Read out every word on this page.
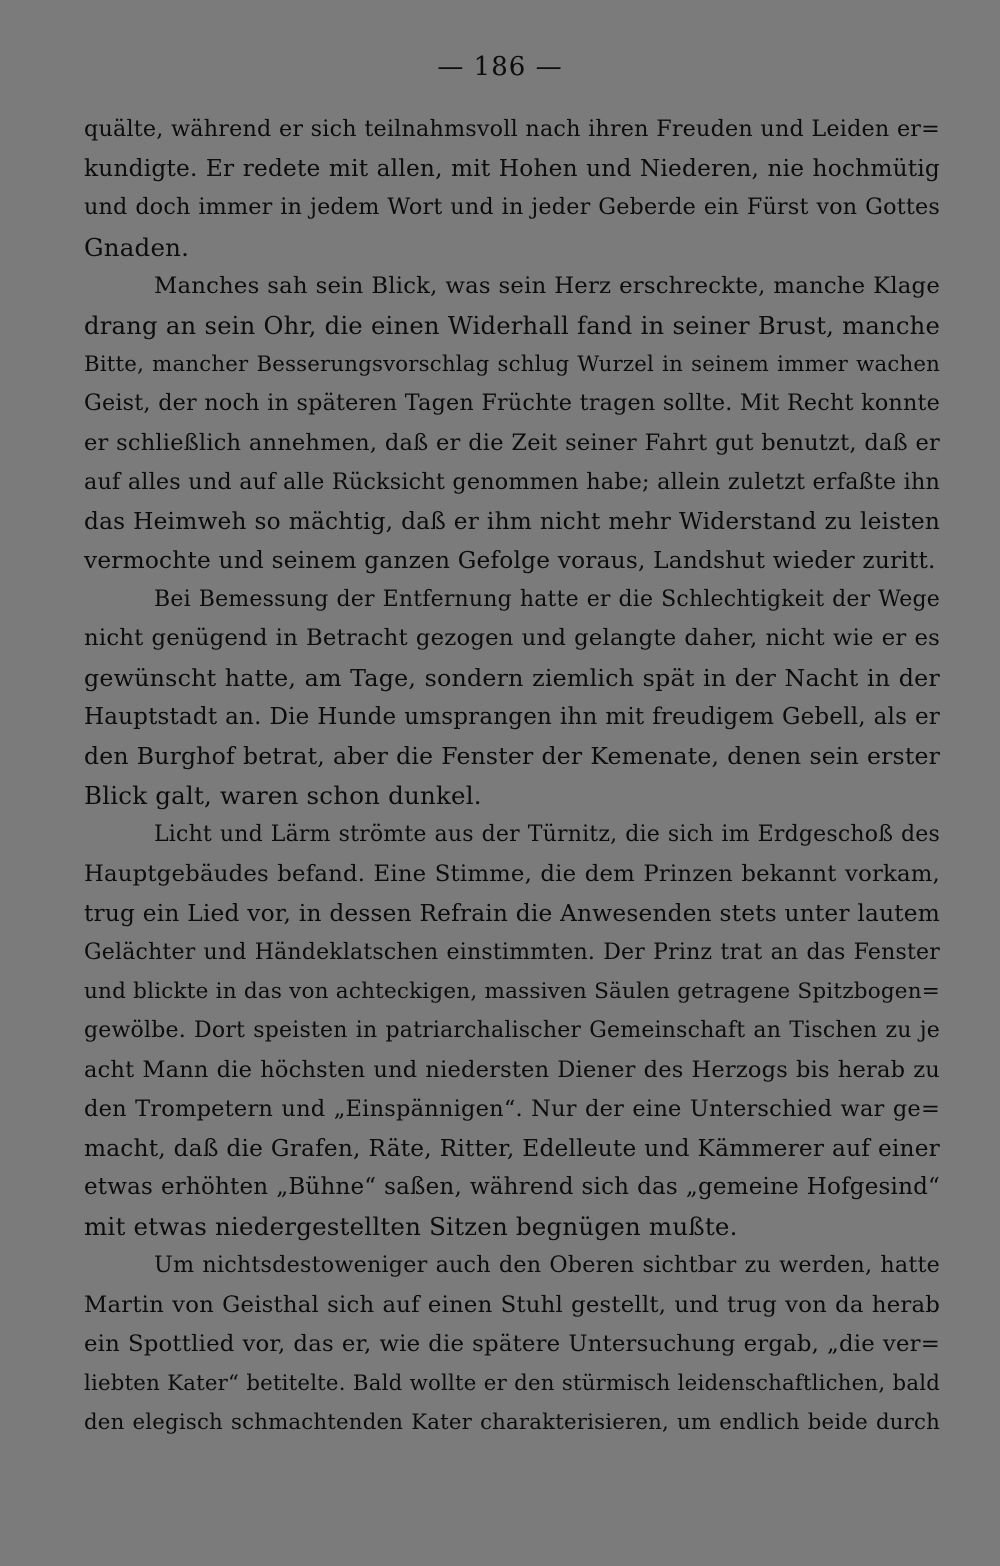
— 186 —
quälte, während er sich teilnahmsvoll nach ihren Freuden und Leiden er=
kundigte. Er redete mit allen, mit Hohen und Niederen, nie hochmütig
und doch immer in jedem Wort und in jeder Geberde ein Fürst von Gottes
Gnaden.
Manches sah sein Blick, was sein Herz erschreckte, manche Klage
drang an sein Ohr, die einen Widerhall fand in seiner Brust, manche
Bitte, mancher Besserungsvorschlag schlug Wurzel in seinem immer wachen
Geist, der noch in späteren Tagen Früchte tragen sollte. Mit Recht konnte
er schließlich annehmen, daß er die Zeit seiner Fahrt gut benutzt, daß er
auf alles und auf alle Rücksicht genommen habe; allein zuletzt erfaßte ihn
das Heimweh so mächtig, daß er ihm nicht mehr Widerstand zu leisten
vermochte und seinem ganzen Gefolge voraus, Landshut wieder zuritt.
Bei Bemessung der Entfernung hatte er die Schlechtigkeit der Wege
nicht genügend in Betracht gezogen und gelangte daher, nicht wie er es
gewünscht hatte, am Tage, sondern ziemlich spät in der Nacht in der
Hauptstadt an. Die Hunde umsprangen ihn mit freudigem Gebell, als er
den Burghof betrat, aber die Fenster der Kemenate, denen sein erster
Blick galt, waren schon dunkel.
Licht und Lärm strömte aus der Türnitz, die sich im Erdgeschoß des
Hauptgebäudes befand. Eine Stimme, die dem Prinzen bekannt vorkam,
trug ein Lied vor, in dessen Refrain die Anwesenden stets unter lautem
Gelächter und Händeklatschen einstimmten. Der Prinz trat an das Fenster
und blickte in das von achteckigen, massiven Säulen getragene Spitzbogen=
gewölbe. Dort speisten in patriarchalischer Gemeinschaft an Tischen zu je
acht Mann die höchsten und niedersten Diener des Herzogs bis herab zu
den Trompetern und „Einspännigen“. Nur der eine Unterschied war ge=
macht, daß die Grafen, Räte, Ritter, Edelleute und Kämmerer auf einer
etwas erhöhten „Bühne“ saßen, während sich das „gemeine Hofgesind“
mit etwas niedergestellten Sitzen begnügen mußte.
Um nichtsdestoweniger auch den Oberen sichtbar zu werden, hatte
Martin von Geisthal sich auf einen Stuhl gestellt, und trug von da herab
ein Spottlied vor, das er, wie die spätere Untersuchung ergab, „die ver=
liebten Kater“ betitelte. Bald wollte er den stürmisch leidenschaftlichen, bald
den elegisch schmachtenden Kater charakterisieren, um endlich beide durch
